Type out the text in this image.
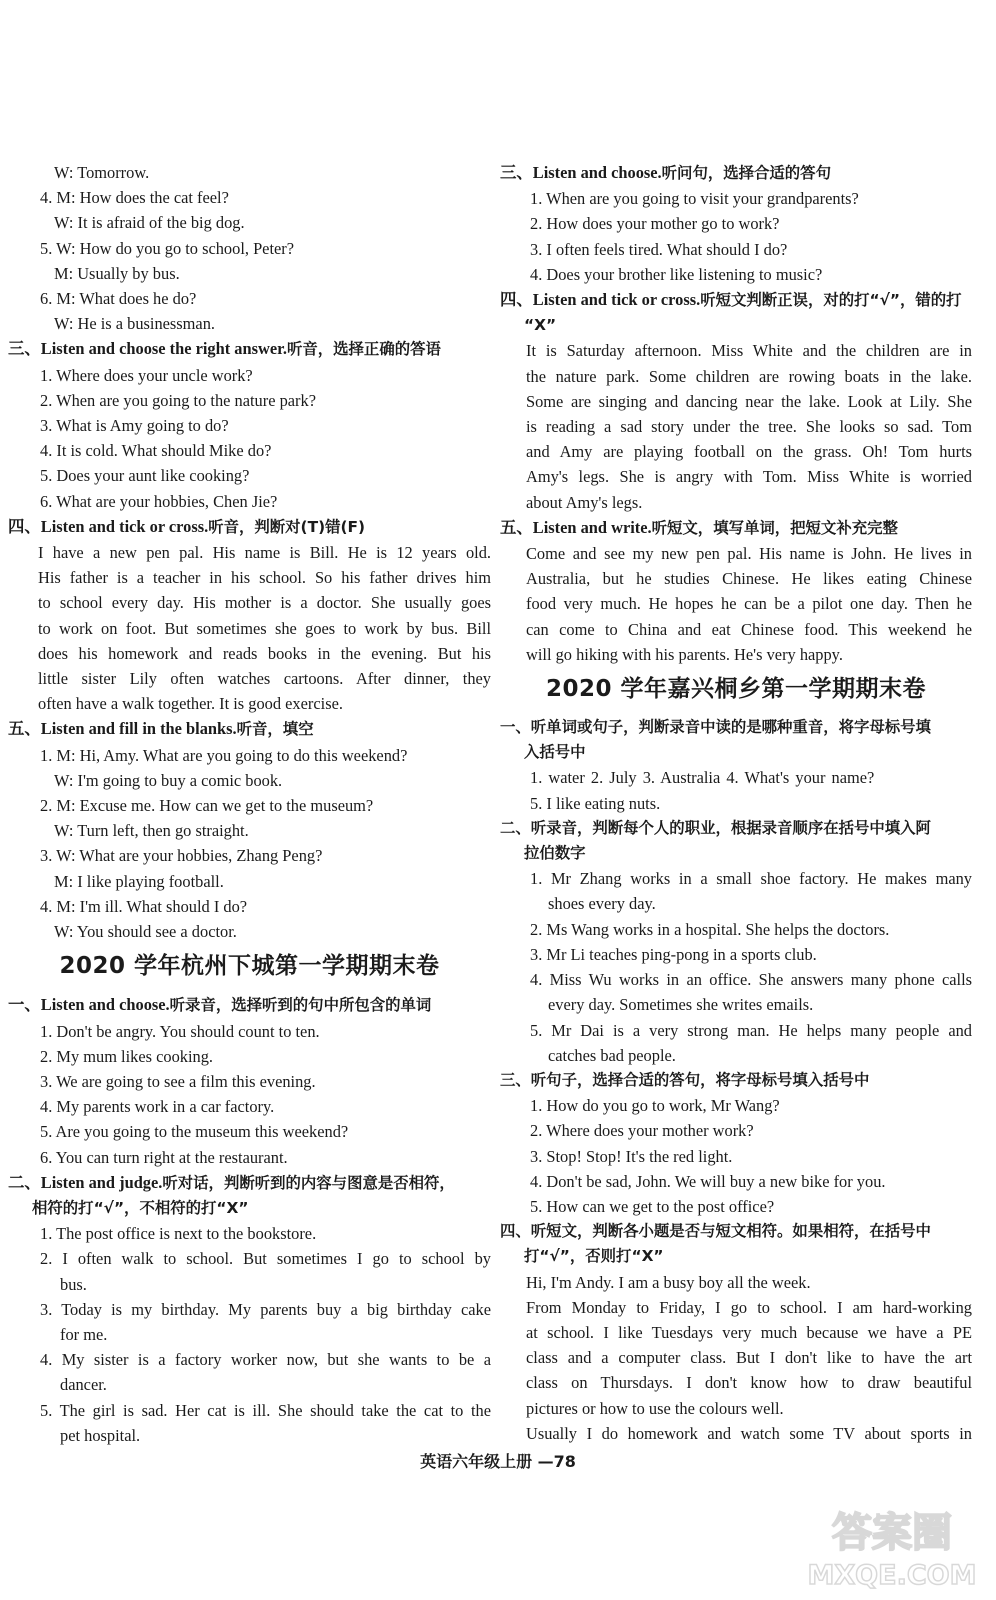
W: Tomorrow.
4. M: How does the cat feel?
W: It is afraid of the big dog.
5. W: How do you go to school, Peter?
M: Usually by bus.
6. M: What does he do?
W: He is a businessman.
三、Listen and choose the right answer.听音，选择正确的答语
1. Where does your uncle work?
2. When are you going to the nature park?
3. What is Amy going to do?
4. It is cold. What should Mike do?
5. Does your aunt like cooking?
6. What are your hobbies, Chen Jie?
四、Listen and tick or cross.听音，判断对(T)错(F)
I have a new pen pal. His name is Bill. He is 12 years old.
His father is a teacher in his school. So his father drives him
to school every day. His mother is a doctor. She usually goes
to work on foot. But sometimes she goes to work by bus. Bill
does his homework and reads books in the evening. But his
little sister Lily often watches cartoons. After dinner, they
often have a walk together. It is good exercise.
五、Listen and fill in the blanks.听音，填空
1. M: Hi, Amy. What are you going to do this weekend?
W: I'm going to buy a comic book.
2. M: Excuse me. How can we get to the museum?
W: Turn left, then go straight.
3. W: What are your hobbies, Zhang Peng?
M: I like playing football.
4. M: I'm ill. What should I do?
W: You should see a doctor.
2020 学年杭州下城第一学期期末卷
一、Listen and choose.听录音，选择听到的句中所包含的单词
1. Don't be angry. You should count to ten.
2. My mum likes cooking.
3. We are going to see a film this evening.
4. My parents work in a car factory.
5. Are you going to the museum this weekend?
6. You can turn right at the restaurant.
二、Listen and judge.听对话，判断听到的内容与图意是否相符，
相符的打“√”，不相符的打“X”
1. The post office is next to the bookstore.
2. I often walk to school. But sometimes I go to school by
bus.
3. Today is my birthday. My parents buy a big birthday cake
for me.
4. My sister is a factory worker now, but she wants to be a
dancer.
5. The girl is sad. Her cat is ill. She should take the cat to the
pet hospital.
三、Listen and choose.听问句，选择合适的答句
1. When are you going to visit your grandparents?
2. How does your mother go to work?
3. I often feels tired. What should I do?
4. Does your brother like listening to music?
四、Listen and tick or cross.听短文判断正误，对的打“√”，错的打
“X”
It is Saturday afternoon. Miss White and the children are in
the nature park. Some children are rowing boats in the lake.
Some are singing and dancing near the lake. Look at Lily. She
is reading a sad story under the tree. She looks so sad. Tom
and Amy are playing football on the grass. Oh! Tom hurts
Amy's legs. She is angry with Tom. Miss White is worried
about Amy's legs.
五、Listen and write.听短文，填写单词，把短文补充完整
Come and see my new pen pal. His name is John. He lives in
Australia, but he studies Chinese. He likes eating Chinese
food very much. He hopes he can be a pilot one day. Then he
can come to China and eat Chinese food. This weekend he
will go hiking with his parents. He's very happy.
2020 学年嘉兴桐乡第一学期期末卷
一、听单词或句子，判断录音中读的是哪种重音，将字母标号填
入括号中
1. water 2. July 3. Australia 4. What's your name?
5. I like eating nuts.
二、听录音，判断每个人的职业，根据录音顺序在括号中填入阿
拉伯数字
1. Mr Zhang works in a small shoe factory. He makes many
shoes every day.
2. Ms Wang works in a hospital. She helps the doctors.
3. Mr Li teaches ping-pong in a sports club.
4. Miss Wu works in an office. She answers many phone calls
every day. Sometimes she writes emails.
5. Mr Dai is a very strong man. He helps many people and
catches bad people.
三、听句子，选择合适的答句，将字母标号填入括号中
1. How do you go to work, Mr Wang?
2. Where does your mother work?
3. Stop! Stop! It's the red light.
4. Don't be sad, John. We will buy a new bike for you.
5. How can we get to the post office?
四、听短文，判断各小题是否与短文相符。如果相符，在括号中
打“√”，否则打“X”
Hi, I'm Andy. I am a busy boy all the week.
From Monday to Friday, I go to school. I am hard-working
at school. I like Tuesdays very much because we have a PE
class and a computer class. But I don't like to have the art
class on Thursdays. I don't know how to draw beautiful
pictures or how to use the colours well.
Usually I do homework and watch some TV about sports in
英语六年级上册 —78
答案圈
MXQE.COM
